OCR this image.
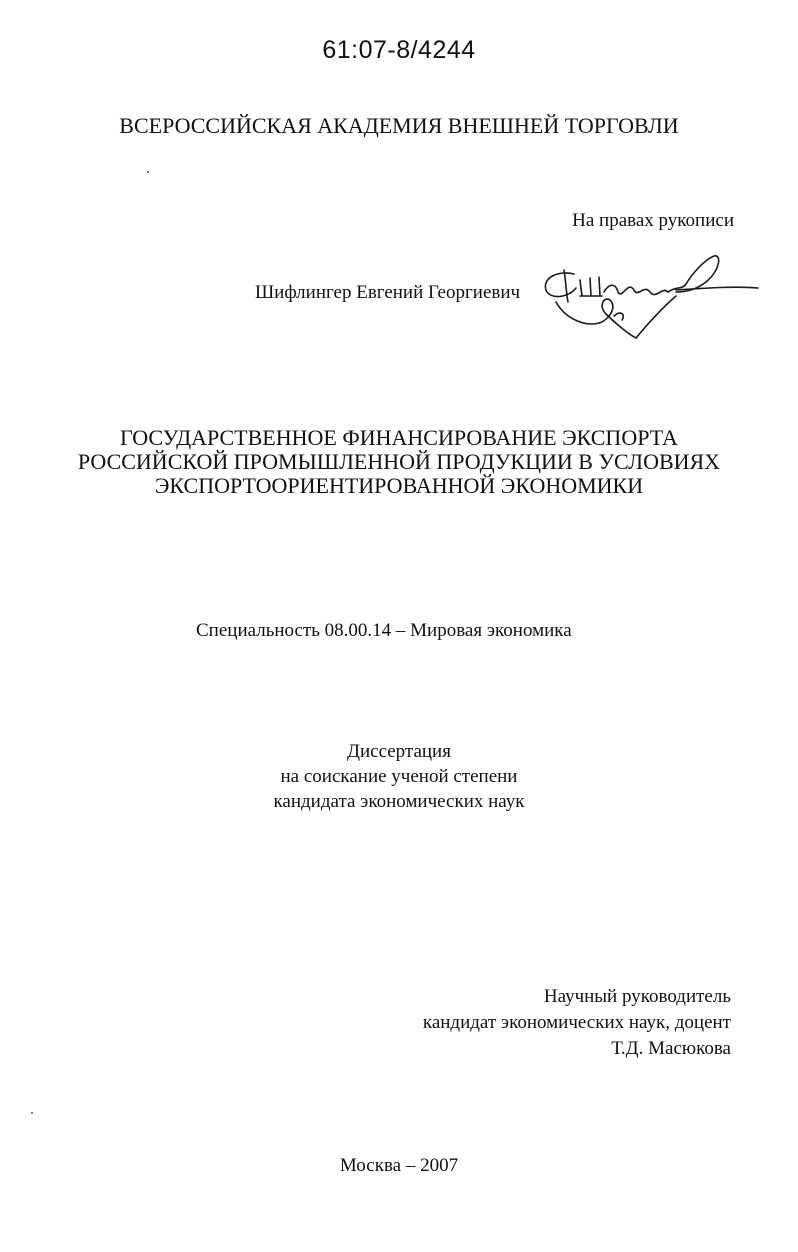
61:07-8/4244
ВСЕРОССИЙСКАЯ АКАДЕМИЯ ВНЕШНЕЙ ТОРГОВЛИ
На правах рукописи
Шифлингер Евгений Георгиевич
ГОСУДАРСТВЕННОЕ ФИНАНСИРОВАНИЕ ЭКСПОРТА
РОССИЙСКОЙ ПРОМЫШЛЕННОЙ ПРОДУКЦИИ В УСЛОВИЯХ
ЭКСПОРТООРИЕНТИРОВАННОЙ ЭКОНОМИКИ
Специальность 08.00.14 – Мировая экономика
Диссертация
на соискание ученой степени
кандидата экономических наук
Научный руководитель
кандидат экономических наук, доцент
Т.Д. Масюкова
Москва – 2007
